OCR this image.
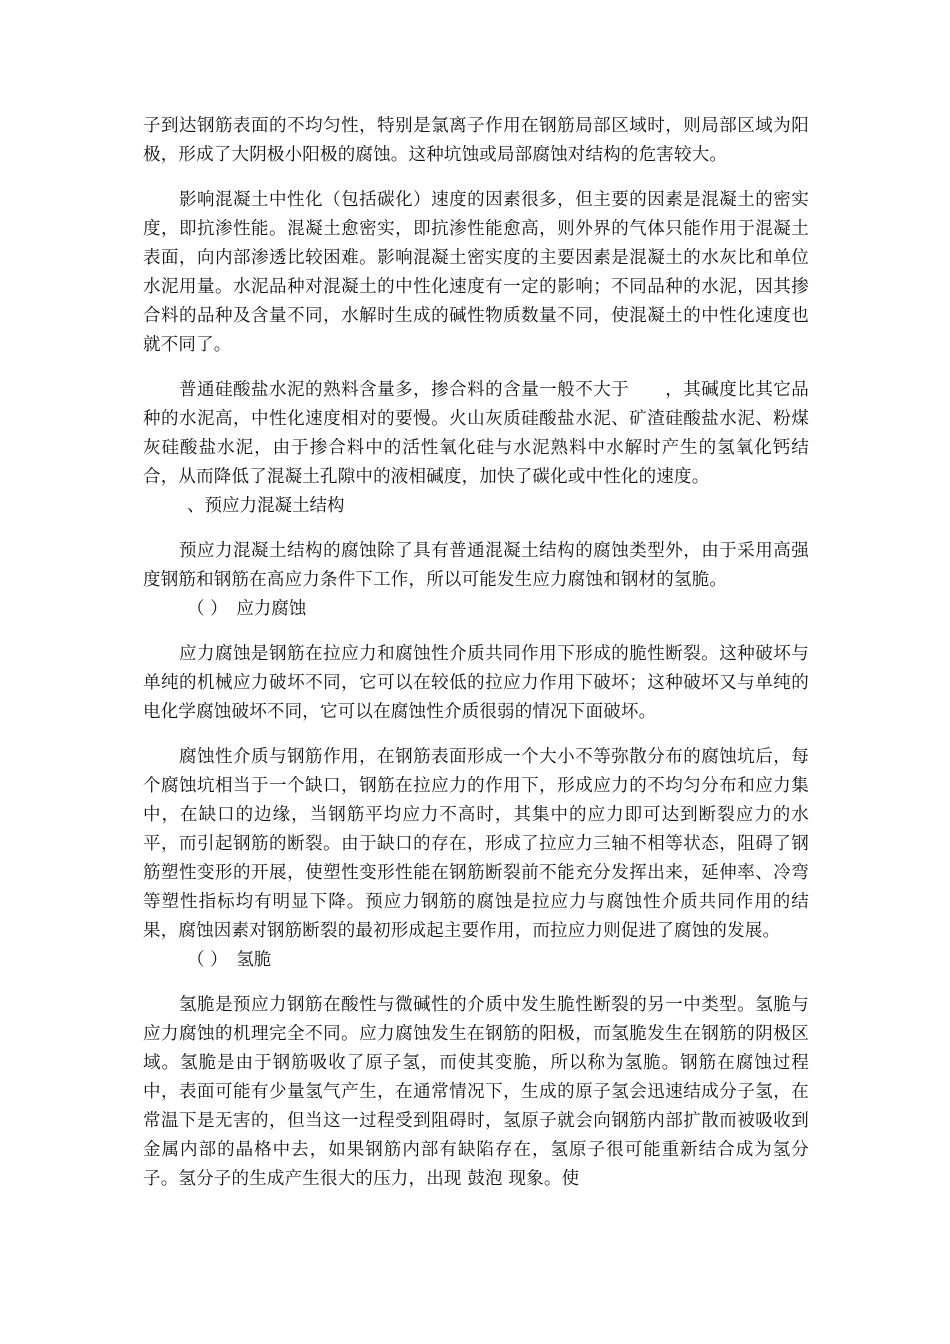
子到达钢筋表面的不均匀性，特别是氯离子作用在钢筋局部区域时，则局部区域为阳极，形成了大阴极小阳极的腐蚀。这种坑蚀或局部腐蚀对结构的危害较大。

影响混凝土中性化（包括碳化）速度的因素很多，但主要的因素是混凝土的密实度，即抗渗性能。混凝土愈密实，即抗渗性能愈高，则外界的气体只能作用于混凝土表面，向内部渗透比较困难。影响混凝土密实度的主要因素是混凝土的水灰比和单位水泥用量。水泥品种对混凝土的中性化速度有一定的影响；不同品种的水泥，因其掺合料的品种及含量不同，水解时生成的碱性物质数量不同，使混凝土的中性化速度也就不同了。

普通硅酸盐水泥的熟料含量多，掺合料的含量一般不大于　　，其碱度比其它品种的水泥高，中性化速度相对的要慢。火山灰质硅酸盐水泥、矿渣硅酸盐水泥、粉煤灰硅酸盐水泥，由于掺合料中的活性氧化硅与水泥熟料中水解时产生的氢氧化钙结合，从而降低了混凝土孔隙中的液相碱度，加快了碳化或中性化的速度。

、预应力混凝土结构

预应力混凝土结构的腐蚀除了具有普通混凝土结构的腐蚀类型外，由于采用高强度钢筋和钢筋在高应力条件下工作，所以可能发生应力腐蚀和钢材的氢脆。

（ ）　应力腐蚀

应力腐蚀是钢筋在拉应力和腐蚀性介质共同作用下形成的脆性断裂。这种破坏与单纯的机械应力破坏不同，它可以在较低的拉应力作用下破坏；这种破坏又与单纯的电化学腐蚀破坏不同，它可以在腐蚀性介质很弱的情况下面破坏。

腐蚀性介质与钢筋作用，在钢筋表面形成一个大小不等弥散分布的腐蚀坑后，每个腐蚀坑相当于一个缺口，钢筋在拉应力的作用下，形成应力的不均匀分布和应力集中，在缺口的边缘，当钢筋平均应力不高时，其集中的应力即可达到断裂应力的水平，而引起钢筋的断裂。由于缺口的存在，形成了拉应力三轴不相等状态，阻碍了钢筋塑性变形的开展，使塑性变形性能在钢筋断裂前不能充分发挥出来，延伸率、冷弯等塑性指标均有明显下降。预应力钢筋的腐蚀是拉应力与腐蚀性介质共同作用的结果，腐蚀因素对钢筋断裂的最初形成起主要作用，而拉应力则促进了腐蚀的发展。

（ ）　氢脆

氢脆是预应力钢筋在酸性与微碱性的介质中发生脆性断裂的另一中类型。氢脆与应力腐蚀的机理完全不同。应力腐蚀发生在钢筋的阳极，而氢脆发生在钢筋的阴极区域。氢脆是由于钢筋吸收了原子氢，而使其变脆，所以称为氢脆。钢筋在腐蚀过程中，表面可能有少量氢气产生，在通常情况下，生成的原子氢会迅速结成分子氢，在常温下是无害的，但当这一过程受到阻碍时，氢原子就会向钢筋内部扩散而被吸收到金属内部的晶格中去，如果钢筋内部有缺陷存在，氢原子很可能重新结合成为氢分子。氢分子的生成产生很大的压力，出现 鼓泡 现象。使
